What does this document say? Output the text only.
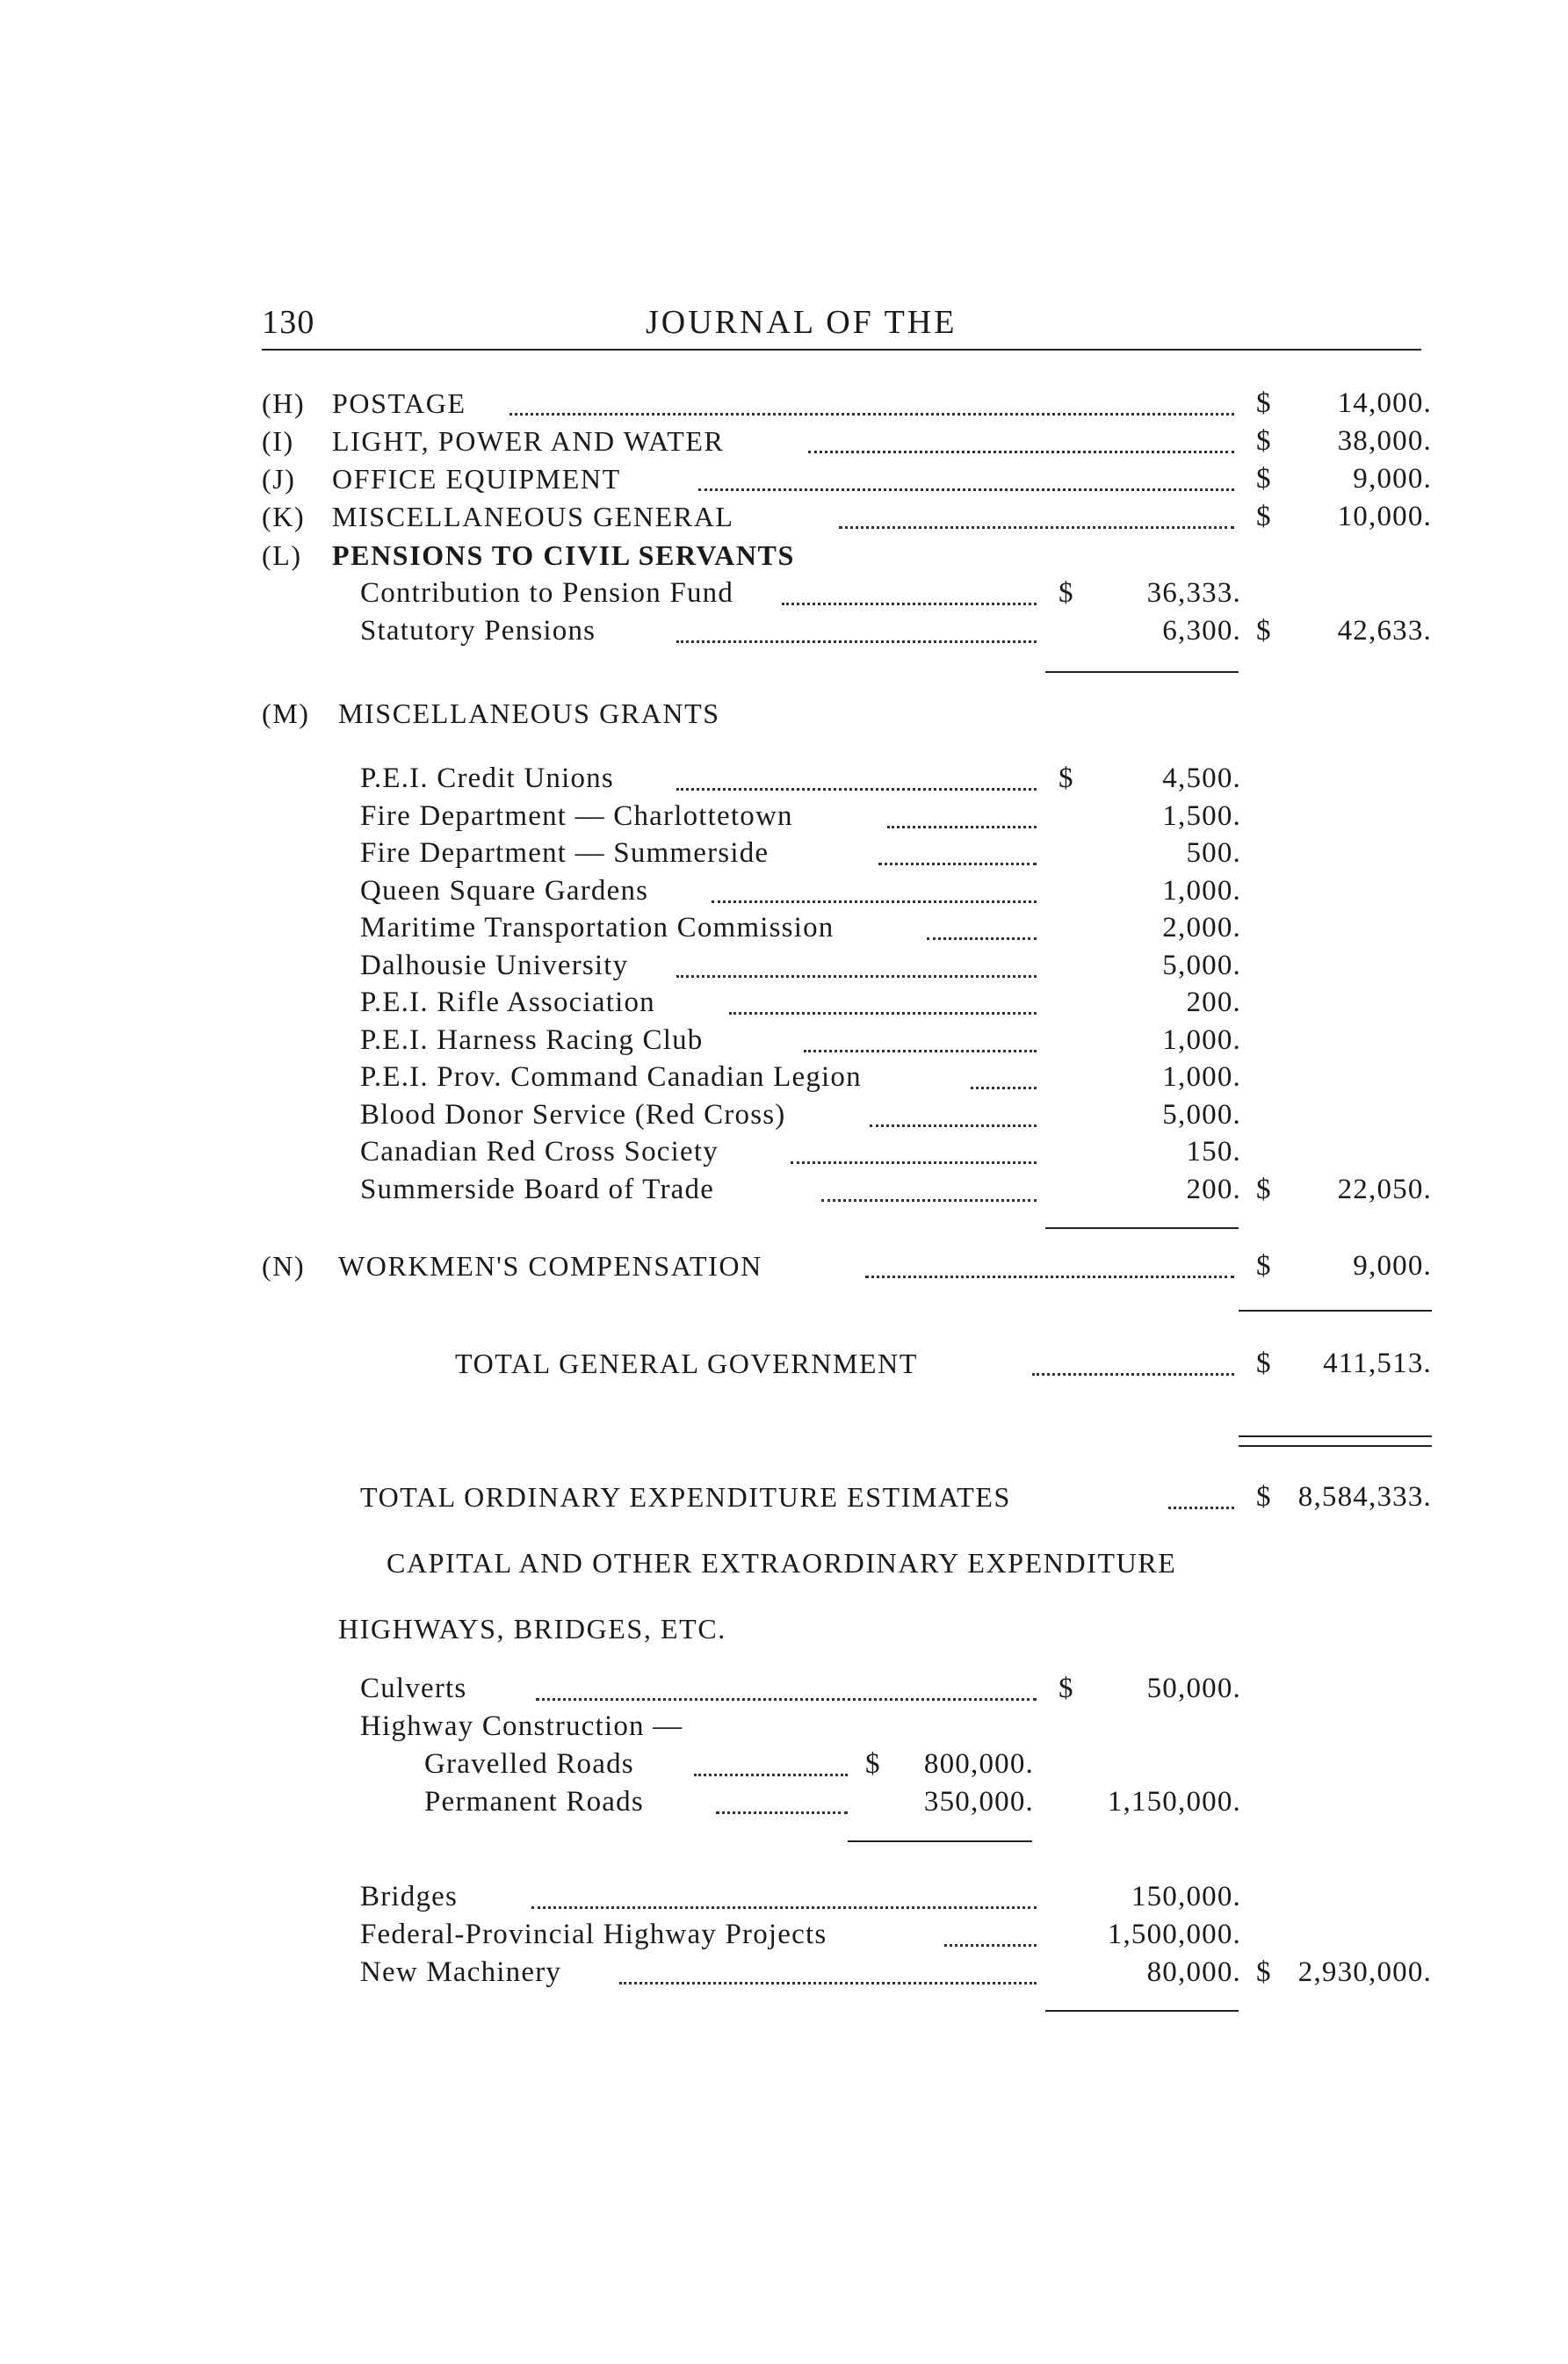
130	JOURNAL OF THE
(H) POSTAGE	$ 14,000.
(I) LIGHT, POWER AND WATER	$ 38,000.
(J) OFFICE EQUIPMENT	$	9,000.
(K) MISCELLANEOUS GENERAL	$ 10,000.
(L) PENSIONS TO CIVIL SERVANTS
Contribution to Pension Fund	$	36,333.
Statutory Pensions	6,300. $ 42,633.
(M) MISCELLANEOUS GRANTS
P.E.I. Credit Unions	$	4,500.
Fire Department — Charlottetown	1,500.
Fire Department — Summerside	500.
Queen Square Gardens	1,000.
Maritime Transportation Commission	2,000.
Dalhousie University	5,000.
P.E.I. Rifle Association	200.
P.E.I. Harness Racing Club	1,000.
P.E.I. Prov. Command Canadian Legion	1,000.
Blood Donor Service (Red Cross)	5,000.
Canadian Red Cross Society	150.
Summerside Board of Trade	200. $ 22,050.
(N) WORKMEN'S COMPENSATION	$	9,000.
TOTAL GENERAL GOVERNMENT	$ 411,513.
TOTAL ORDINARY EXPENDITURE ESTIMATES	$ 8,584,333.
CAPITAL AND OTHER EXTRAORDINARY EXPENDITURE
HIGHWAYS, BRIDGES, ETC.
Culverts	$	50,000.
Highway Construction —
Gravelled Roads	$ 800,000.
Permanent Roads	350,000.	1,150,000.
Bridges	150,000.
Federal-Provincial Highway Projects	1,500,000.
New Machinery	80,000. $ 2,930,000.
